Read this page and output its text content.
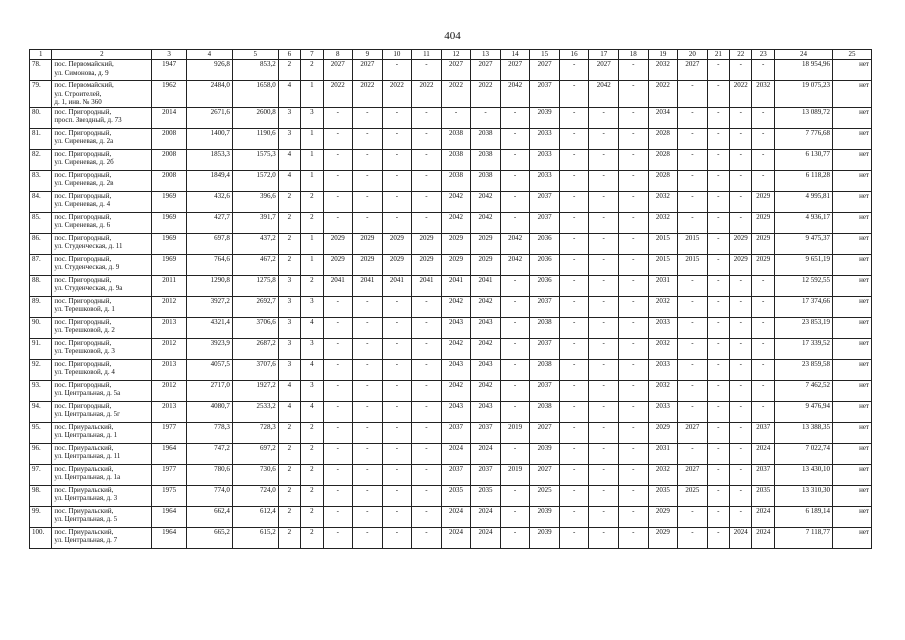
404
1	2	3	4	5	6	7	8	9	10	11	12	13	14	15	16	17	18	19	20	21	22	23	24	25
78.	пос. Первомайский,
ул. Симонова, д. 9	1947	926,8	853,2	2	2	2027	2027	-	-	2027	2027	2027	2027	-	2027	-	2032	2027	-	-	-	18 954,96	нет
79.	пос. Первомайский,
ул. Строителей,
д. 1, инв. № 360	1962	2484,0	1658,0	4	1	2022	2022	2022	2022	2022	2022	2042	2037	-	2042	-	2022	-	-	2022	2032	19 075,23	нет
80.	пос. Пригородный,
просп. Звездный, д. 73	2014	2671,6	2600,8	3	3	-	-	-	-	-	-	-	2039	-	-	-	2034	-	-	-	-	13 089,72	нет
81.	пос. Пригородный,
ул. Сиреневая, д. 2а	2008	1400,7	1190,6	3	1	-	-	-	-	2038	2038	-	2033	-	-	-	2028	-	-	-	-	7 776,68	нет
82.	пос. Пригородный,
ул. Сиреневая, д. 2б	2008	1853,3	1575,3	4	1	-	-	-	-	2038	2038	-	2033	-	-	-	2028	-	-	-	-	6 130,77	нет
83.	пос. Пригородный,
ул. Сиреневая, д. 2в	2008	1849,4	1572,0	4	1	-	-	-	-	2038	2038	-	2033	-	-	-	2028	-	-	-	-	6 118,28	нет
84.	пос. Пригородный,
ул. Сиреневая, д. 4	1969	432,6	396,6	2	2	-	-	-	-	2042	2042	-	2037	-	-	-	2032	-	-	-	2029	4 995,81	нет
85.	пос. Пригородный,
ул. Сиреневая, д. 6	1969	427,7	391,7	2	2	-	-	-	-	2042	2042	-	2037	-	-	-	2032	-	-	-	2029	4 936,17	нет
86.	пос. Пригородный,
ул. Студенческая, д. 11	1969	697,8	437,2	2	1	2029	2029	2029	2029	2029	2029	2042	2036	-	-	-	2015	2015	-	2029	2029	9 475,37	нет
87.	пос. Пригородный,
ул. Студенческая, д. 9	1969	764,6	467,2	2	1	2029	2029	2029	2029	2029	2029	2042	2036	-	-	-	2015	2015	-	2029	2029	9 651,19	нет
88.	пос. Пригородный,
ул. Студенческая, д. 9а	2011	1290,8	1275,8	3	2	2041	2041	2041	2041	2041	2041	-	2036	-	-	-	2031	-	-	-	-	12 592,55	нет
89.	пос. Пригородный,
ул. Терешковой, д. 1	2012	3927,2	2692,7	3	3	-	-	-	-	2042	2042	-	2037	-	-	-	2032	-	-	-	-	17 374,66	нет
90.	пос. Пригородный,
ул. Терешковой, д. 2	2013	4321,4	3706,6	3	4	-	-	-	-	2043	2043	-	2038	-	-	-	2033	-	-	-	-	23 853,19	нет
91.	пос. Пригородный,
ул. Терешковой, д. 3	2012	3923,9	2687,2	3	3	-	-	-	-	2042	2042	-	2037	-	-	-	2032	-	-	-	-	17 339,52	нет
92.	пос. Пригородный,
ул. Терешковой, д. 4	2013	4057,5	3707,6	3	4	-	-	-	-	2043	2043	-	2038	-	-	-	2033	-	-	-	-	23 859,58	нет
93.	пос. Пригородный,
ул. Центральная, д. 5а	2012	2717,0	1927,2	4	3	-	-	-	-	2042	2042	-	2037	-	-	-	2032	-	-	-	-	7 462,52	нет
94.	пос. Пригородный,
ул. Центральная, д. 5г	2013	4080,7	2533,2	4	4	-	-	-	-	2043	2043	-	2038	-	-	-	2033	-	-	-	-	9 476,94	нет
95.	пос. Приуральский,
ул. Центральная, д. 1	1977	778,3	728,3	2	2	-	-	-	-	2037	2037	2019	2027	-	-	-	2029	2027	-	-	2037	13 388,35	нет
96.	пос. Приуральский,
ул. Центральная, д. 11	1964	747,2	697,2	2	2	-	-	-	-	2024	2024	-	2039	-	-	-	2031	-	-	-	2024	7 022,74	нет
97.	пос. Приуральский,
ул. Центральная, д. 1а	1977	780,6	730,6	2	2	-	-	-	-	2037	2037	2019	2027	-	-	-	2032	2027	-	-	2037	13 430,10	нет
98.	пос. Приуральский,
ул. Центральная, д. 3	1975	774,0	724,0	2	2	-	-	-	-	2035	2035	-	2025	-	-	-	2035	2025	-	-	2035	13 310,30	нет
99.	пос. Приуральский,
ул. Центральная, д. 5	1964	662,4	612,4	2	2	-	-	-	-	2024	2024	-	2039	-	-	-	2029	-	-	-	2024	6 189,14	нет
100.	пос. Приуральский,
ул. Центральная, д. 7	1964	665,2	615,2	2	2	-	-	-	-	2024	2024	-	2039	-	-	-	2029	-	-	2024	2024	7 118,77	нет
